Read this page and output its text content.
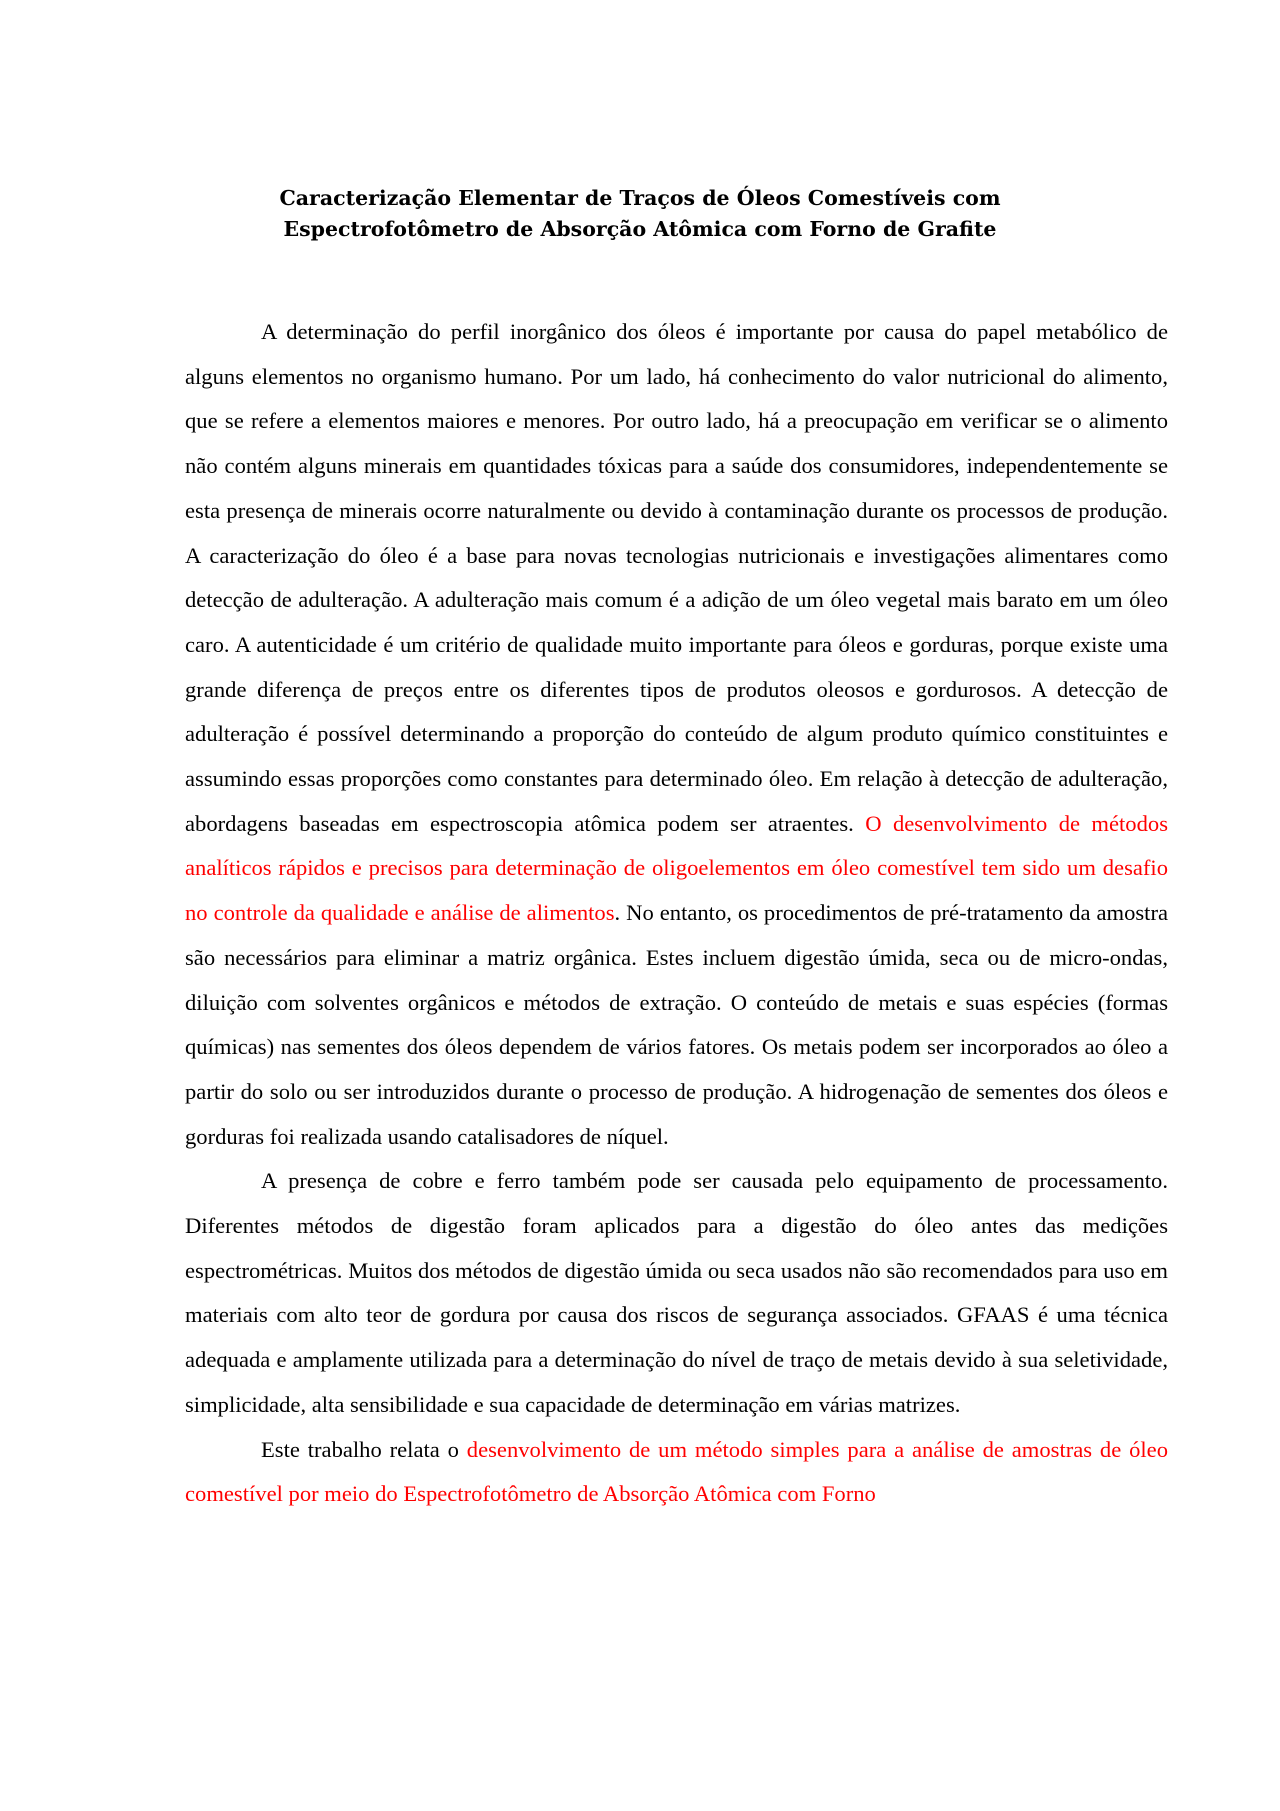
Caracterização Elementar de Traços de Óleos Comestíveis com Espectrofotômetro de Absorção Atômica com Forno de Grafite

A determinação do perfil inorgânico dos óleos é importante por causa do papel metabólico de alguns elementos no organismo humano. Por um lado, há conhecimento do valor nutricional do alimento, que se refere a elementos maiores e menores. Por outro lado, há a preocupação em verificar se o alimento não contém alguns minerais em quantidades tóxicas para a saúde dos consumidores, independentemente se esta presença de minerais ocorre naturalmente ou devido à contaminação durante os processos de produção. A caracterização do óleo é a base para novas tecnologias nutricionais e investigações alimentares como detecção de adulteração. A adulteração mais comum é a adição de um óleo vegetal mais barato em um óleo caro. A autenticidade é um critério de qualidade muito importante para óleos e gorduras, porque existe uma grande diferença de preços entre os diferentes tipos de produtos oleosos e gordurosos. A detecção de adulteração é possível determinando a proporção do conteúdo de algum produto químico constituintes e assumindo essas proporções como constantes para determinado óleo. Em relação à detecção de adulteração, abordagens baseadas em espectroscopia atômica podem ser atraentes. O desenvolvimento de métodos analíticos rápidos e precisos para determinação de oligoelementos em óleo comestível tem sido um desafio no controle da qualidade e análise de alimentos. No entanto, os procedimentos de pré-tratamento da amostra são necessários para eliminar a matriz orgânica. Estes incluem digestão úmida, seca ou de micro-ondas, diluição com solventes orgânicos e métodos de extração. O conteúdo de metais e suas espécies (formas químicas) nas sementes dos óleos dependem de vários fatores. Os metais podem ser incorporados ao óleo a partir do solo ou ser introduzidos durante o processo de produção. A hidrogenação de sementes dos óleos e gorduras foi realizada usando catalisadores de níquel.

A presença de cobre e ferro também pode ser causada pelo equipamento de processamento. Diferentes métodos de digestão foram aplicados para a digestão do óleo antes das medições espectrométricas. Muitos dos métodos de digestão úmida ou seca usados não são recomendados para uso em materiais com alto teor de gordura por causa dos riscos de segurança associados. GFAAS é uma técnica adequada e amplamente utilizada para a determinação do nível de traço de metais devido à sua seletividade, simplicidade, alta sensibilidade e sua capacidade de determinação em várias matrizes.

Este trabalho relata o desenvolvimento de um método simples para a análise de amostras de óleo comestível por meio do Espectrofotômetro de Absorção Atômica com Forno
